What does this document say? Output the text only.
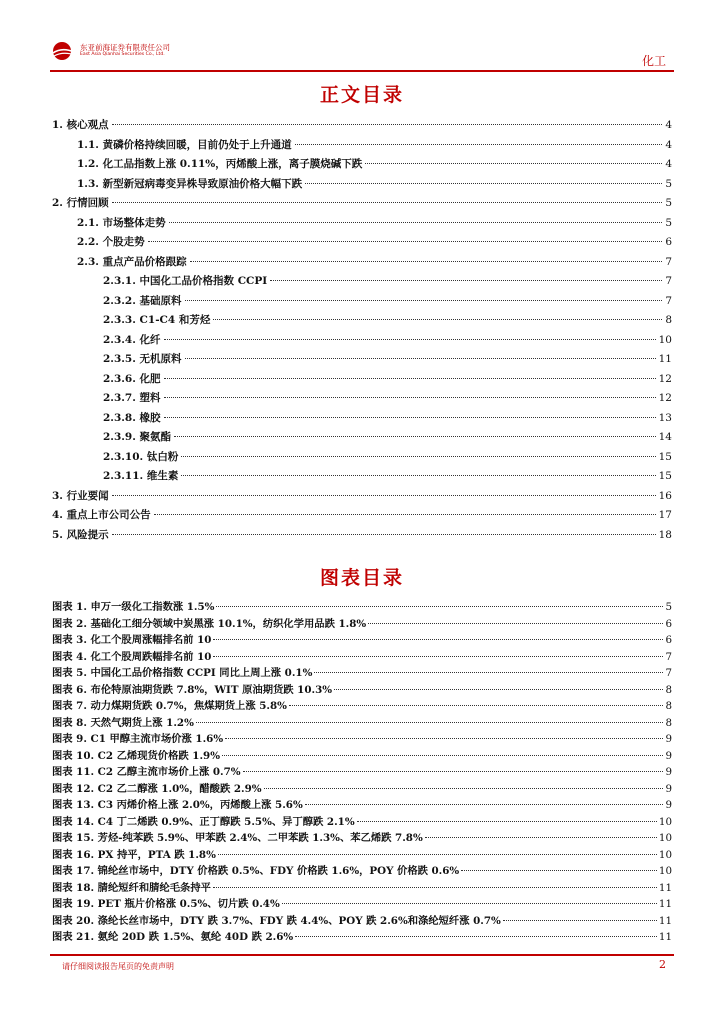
东亚前海证券有限责任公司
East Asia Qianhai Securities Co., Ltd.	化工
正文目录
1. 核心观点	4
1.1. 黄磷价格持续回暖，目前仍处于上升通道	4
1.2. 化工品指数上涨 0.11%，丙烯酸上涨，离子膜烧碱下跌	4
1.3. 新型新冠病毒变异株导致原油价格大幅下跌	5
2. 行情回顾	5
2.1. 市场整体走势	5
2.2. 个股走势	6
2.3. 重点产品价格跟踪	7
2.3.1. 中国化工品价格指数 CCPI	7
2.3.2. 基础原料	7
2.3.3. C1-C4 和芳烃	8
2.3.4. 化纤	10
2.3.5. 无机原料	11
2.3.6. 化肥	12
2.3.7. 塑料	12
2.3.8. 橡胶	13
2.3.9. 聚氨酯	14
2.3.10. 钛白粉	15
2.3.11. 维生素	15
3. 行业要闻	16
4. 重点上市公司公告	17
5. 风险提示	18
图表目录
图表 1. 申万一级化工指数涨 1.5%	5
图表 2. 基础化工细分领域中炭黑涨 10.1%，纺织化学用品跌 1.8%	6
图表 3. 化工个股周涨幅排名前 10	6
图表 4. 化工个股周跌幅排名前 10	7
图表 5. 中国化工品价格指数 CCPI 同比上周上涨 0.1%	7
图表 6. 布伦特原油期货跌 7.8%，WIT 原油期货跌 10.3%	8
图表 7. 动力煤期货跌 0.7%，焦煤期货上涨 5.8%	8
图表 8. 天然气期货上涨 1.2%	8
图表 9. C1 甲醇主流市场价涨 1.6%	9
图表 10. C2 乙烯现货价格跌 1.9%	9
图表 11. C2 乙醇主流市场价上涨 0.7%	9
图表 12. C2 乙二醇涨 1.0%，醋酸跌 2.9%	9
图表 13. C3 丙烯价格上涨 2.0%，丙烯酸上涨 5.6%	9
图表 14. C4 丁二烯跌 0.9%、正丁醇跌 5.5%、异丁醇跌 2.1%	10
图表 15. 芳烃-纯苯跌 5.9%、甲苯跌 2.4%、二甲苯跌 1.3%、苯乙烯跌 7.8%	10
图表 16. PX 持平，PTA 跌 1.8%	10
图表 17. 锦纶丝市场中，DTY 价格跌 0.5%、FDY 价格跌 1.6%，POY 价格跌 0.6%	10
图表 18. 腈纶短纤和腈纶毛条持平	11
图表 19. PET 瓶片价格涨 0.5%、切片跌 0.4%	11
图表 20. 涤纶长丝市场中，DTY 跌 3.7%、FDY 跌 4.4%、POY 跌 2.6%和涤纶短纤涨 0.7%	11
图表 21. 氨纶 20D 跌 1.5%、氨纶 40D 跌 2.6%	11
请仔细阅读报告尾页的免责声明	2
